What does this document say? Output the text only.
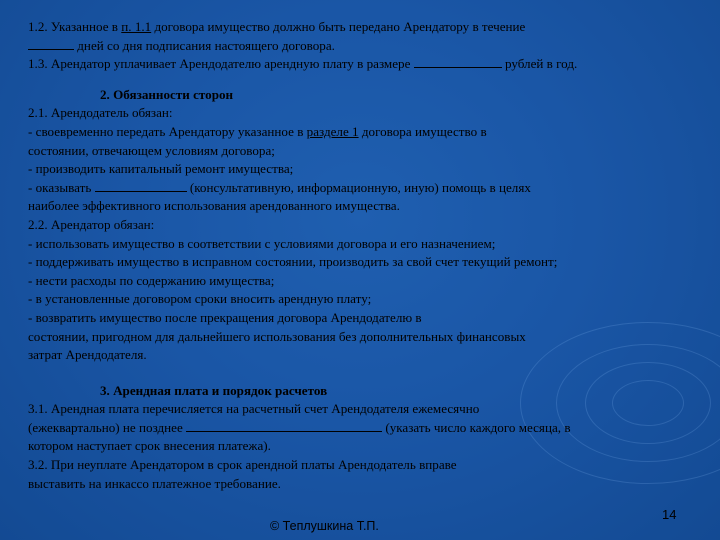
1.2. Указанное в п. 1.1 договора имущество должно быть передано Арендатору в течение
дней со дня подписания настоящего договора.
1.3. Арендатор уплачивает Арендодателю арендную плату в размере	рублей в год.
2. Обязанности сторон
2.1. Арендодатель обязан:
- своевременно передать Арендатору указанное в разделе 1 договора имущество в
состоянии, отвечающем условиям договора;
- производить капитальный ремонт имущества;
- оказывать	(консультативную, информационную, иную) помощь в целях
наиболее эффективного использования арендованного имущества.
2.2. Арендатор обязан:
- использовать имущество в соответствии с условиями договора и его назначением;
- поддерживать имущество в исправном состоянии, производить за свой счет текущий ремонт;
- нести расходы по содержанию имущества;
- в установленные договором сроки вносить арендную плату;
- возвратить имущество после прекращения договора Арендодателю в
состоянии, пригодном для дальнейшего использования без дополнительных финансовых
затрат Арендодателя.
3. Арендная плата и порядок расчетов
3.1. Арендная плата перечисляется на расчетный счет Арендодателя ежемесячно
(ежеквартально) не позднее	(указать число каждого месяца, в
котором наступает срок внесения платежа).
3.2. При неуплате Арендатором в срок арендной платы Арендодатель вправе
выставить на инкассо платежное требование.
© Теплушкина Т.П.
14
